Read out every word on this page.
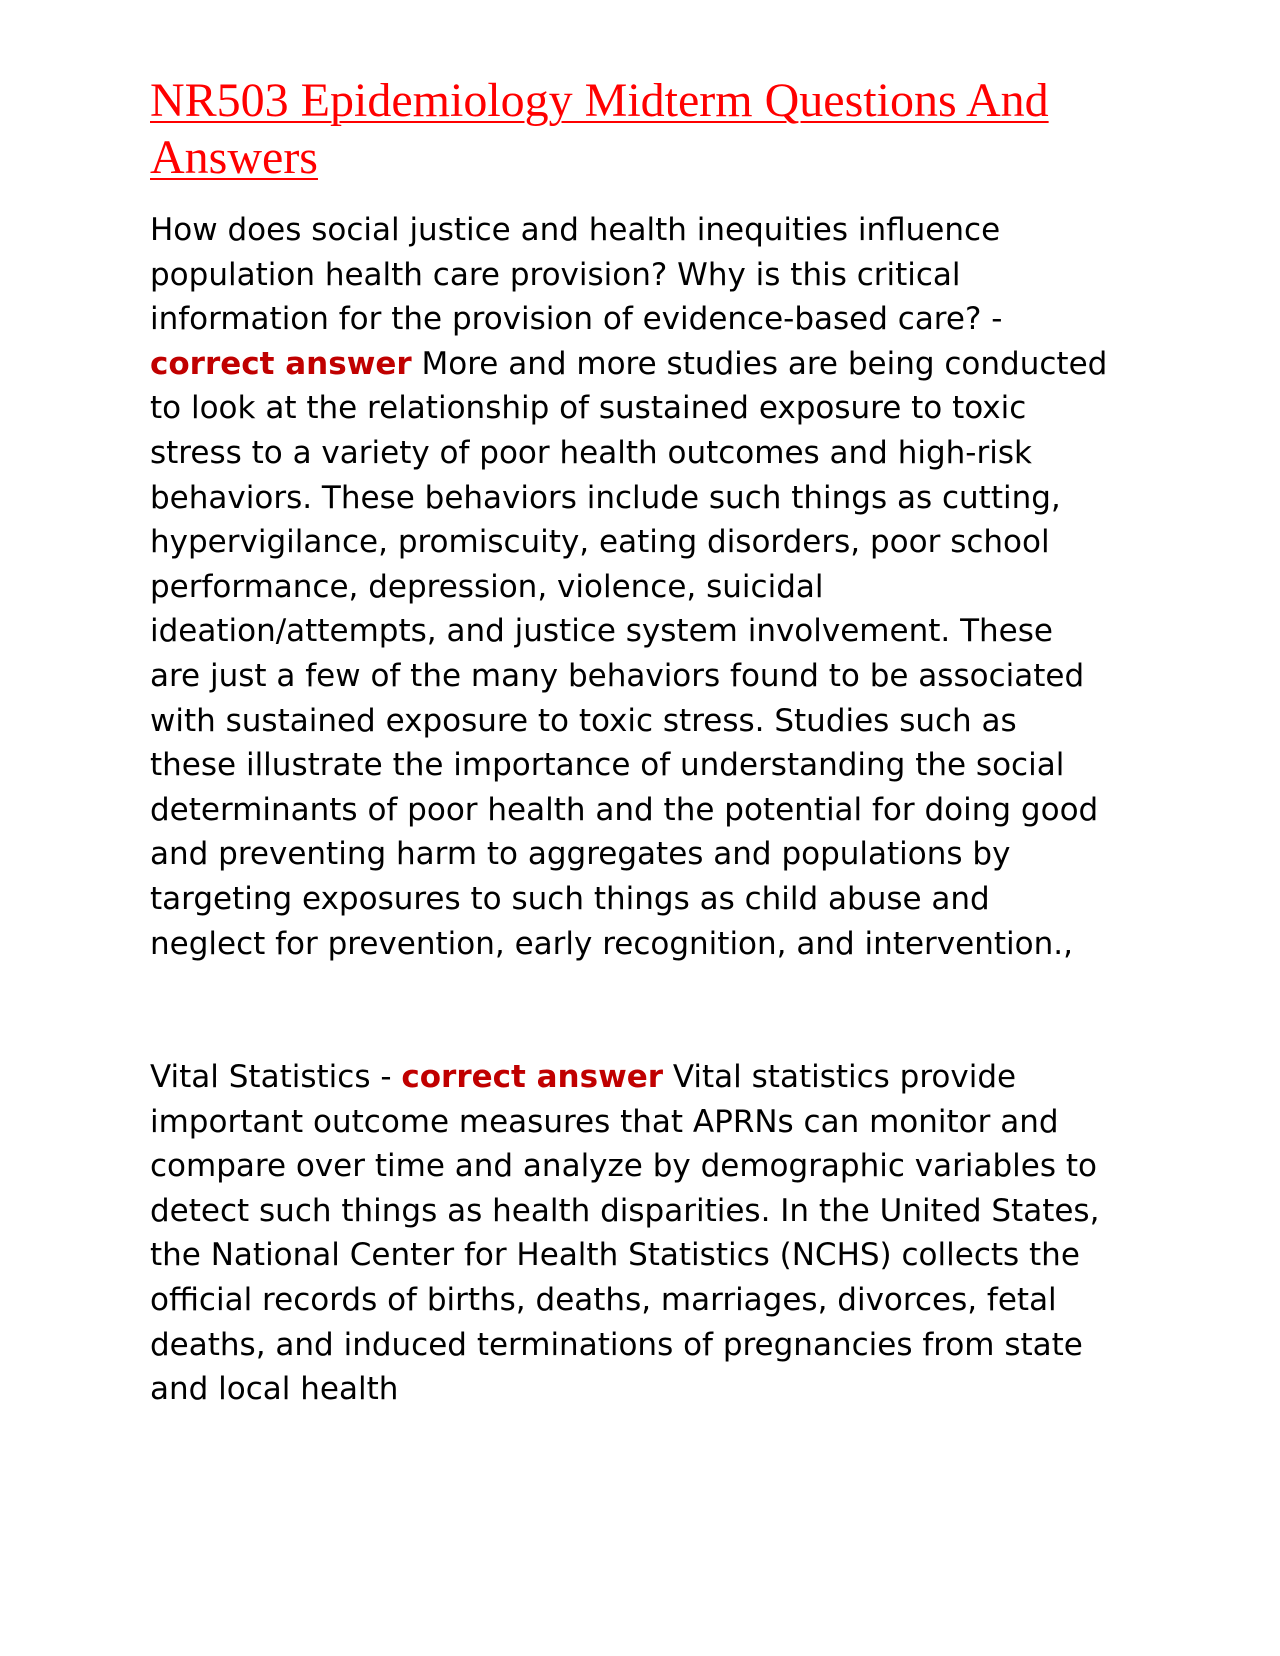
NR503 Epidemiology Midterm Questions And Answers

How does social justice and health inequities influence population health care provision? Why is this critical information for the provision of evidence-based care? - correct answer More and more studies are being conducted to look at the relationship of sustained exposure to toxic stress to a variety of poor health outcomes and high-risk behaviors. These behaviors include such things as cutting, hypervigilance, promiscuity, eating disorders, poor school performance, depression, violence, suicidal ideation/attempts, and justice system involvement. These are just a few of the many behaviors found to be associated with sustained exposure to toxic stress. Studies such as these illustrate the importance of understanding the social determinants of poor health and the potential for doing good and preventing harm to aggregates and populations by targeting exposures to such things as child abuse and neglect for prevention, early recognition, and intervention.,

Vital Statistics - correct answer Vital statistics provide important outcome measures that APRNs can monitor and compare over time and analyze by demographic variables to detect such things as health disparities. In the United States, the National Center for Health Statistics (NCHS) collects the official records of births, deaths, marriages, divorces, fetal deaths, and induced terminations of pregnancies from state and local health
